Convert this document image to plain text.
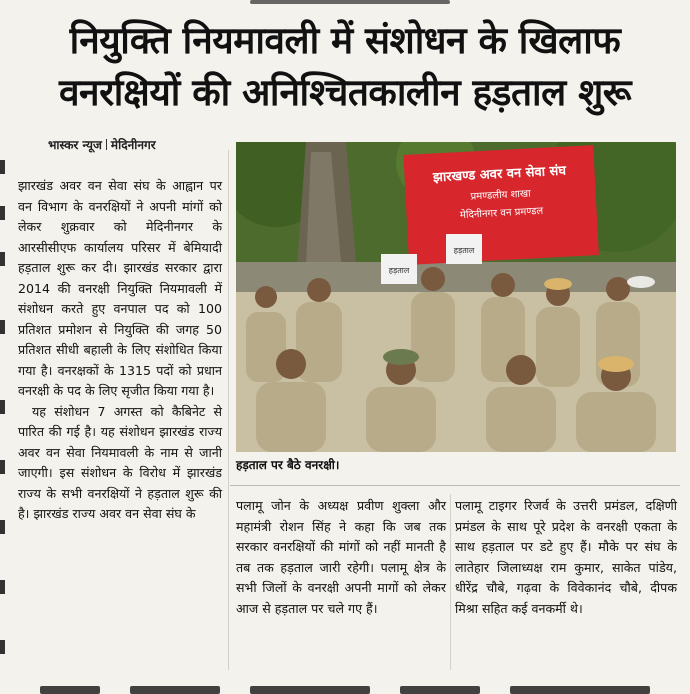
नियुक्ति नियमावली में संशोधन के खिलाफ
वनरक्षियों की अनिश्चितकालीन हड़ताल शुरू
भास्कर न्यूज मेदिनीनगर

झारखंड अवर वन सेवा संघ के आह्वान पर वन विभाग के वनरक्षियों ने अपनी मांगों को लेकर शुक्रवार को मेदिनीनगर के आरसीसीएफ कार्यालय परिसर में बेमियादी हड़ताल शुरू कर दी। झारखंड सरकार द्वारा 2014 की वनरक्षी नियुक्ति नियमावली में संशोधन करते हुए वनपाल पद को 100 प्रतिशत प्रमोशन से नियुक्ति की जगह 50 प्रतिशत सीधी बहाली के लिए संशोधित किया गया है। वनरक्षकों के 1315 पदों को प्रधान वनरक्षी के पद के लिए सृजीत किया गया है।

यह संशोधन 7 अगस्त को कैबिनेट से पारित की गई है। यह संशोधन झारखंड राज्य अवर वन सेवा नियमावली के नाम से जानी जाएगी। इस संशोधन के विरोध में झारखंड राज्य के सभी वनरक्षियों ने हड़ताल शुरू की है। झारखंड राज्य अवर वन सेवा संघ के

झारखण्ड अवर वन सेवा संघ
प्रमण्डलीय शाखा
मेदिनीनगर वन प्रमण्डल
हड़ताल
हड़ताल
हड़ताल पर बैठे वनरक्षी।

पलामू जोन के अध्यक्ष प्रवीण शुक्ला और महामंत्री रोशन सिंह ने कहा कि जब तक सरकार वनरक्षियों की मांगों को नहीं मानती है तब तक हड़ताल जारी रहेगी। पलामू क्षेत्र के सभी जिलों के वनरक्षी अपनी मागों को लेकर आज से हड़ताल पर चले गए हैं।

पलामू टाइगर रिजर्व के उत्तरी प्रमंडल, दक्षिणी प्रमंडल के साथ पूरे प्रदेश के वनरक्षी एकता के साथ हड़ताल पर डटे हुए हैं। मौके पर संघ के लातेहार जिलाध्यक्ष राम कुमार, साकेत पांडेय, धीरेंद्र चौबे, गढ़वा के विवेकानंद चौबे, दीपक मिश्रा सहित कई वनकर्मी थे।
